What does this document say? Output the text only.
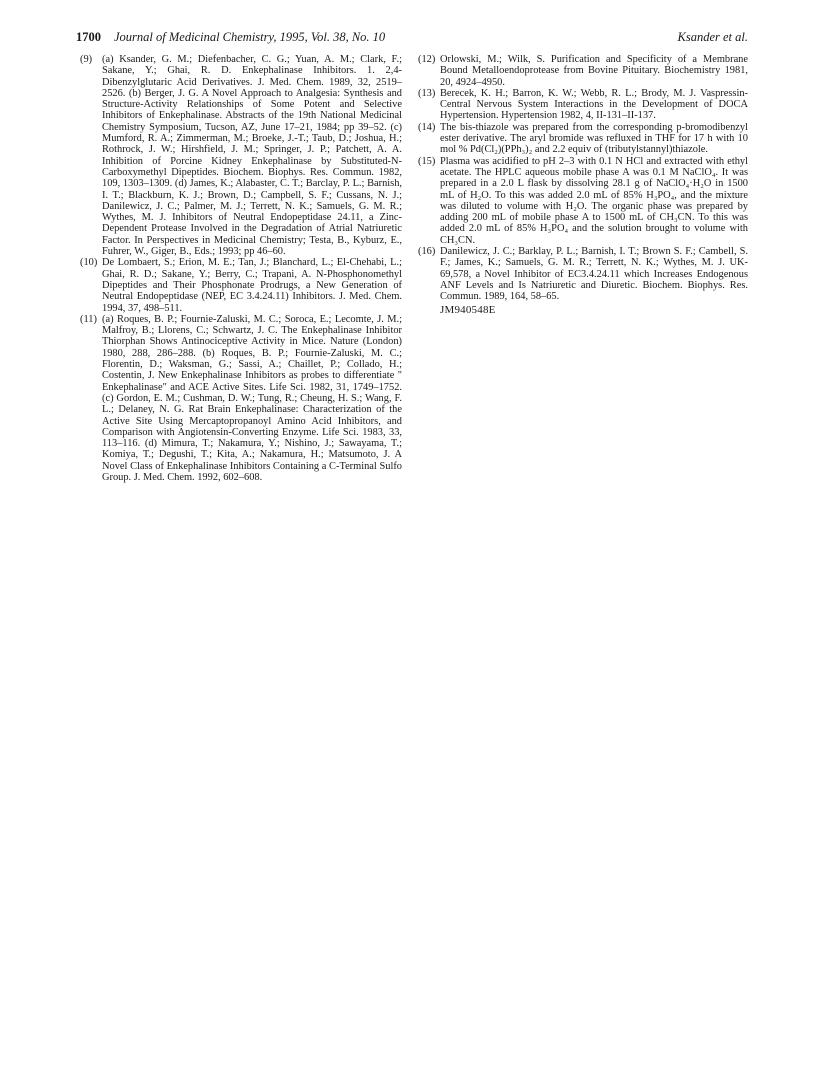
1700 Journal of Medicinal Chemistry, 1995, Vol. 38, No. 10	Ksander et al.

(9) (a) Ksander, G. M.; Diefenbacher, C. G.; Yuan, A. M.; Clark, F.; Sakane, Y.; Ghai, R. D. Enkephalinase Inhibitors. 1. 2,4-Dibenzylglutaric Acid Derivatives. J. Med. Chem. 1989, 32, 2519–2526. (b) Berger, J. G. A Novel Approach to Analgesia: Synthesis and Structure-Activity Relationships of Some Potent and Selective Inhibitors of Enkephalinase. Abstracts of the 19th National Medicinal Chemistry Symposium, Tucson, AZ, June 17–21, 1984; pp 39–52. (c) Mumford, R. A.; Zimmerman, M.; Broeke, J.-T.; Taub, D.; Joshua, H.; Rothrock, J. W.; Hirshfield, J. M.; Springer, J. P.; Patchett, A. A. Inhibition of Porcine Kidney Enkephalinase by Substituted-N-Carboxymethyl Dipeptides. Biochem. Biophys. Res. Commun. 1982, 109, 1303–1309. (d) James, K.; Alabaster, C. T.; Barclay, P. L.; Barnish, I. T.; Blackburn, K. J.; Brown, D.; Campbell, S. F.; Cussans, N. J.; Danilewicz, J. C.; Palmer, M. J.; Terrett, N. K.; Samuels, G. M. R.; Wythes, M. J. Inhibitors of Neutral Endopeptidase 24.11, a Zinc-Dependent Protease Involved in the Degradation of Atrial Natriuretic Factor. In Perspectives in Medicinal Chemistry; Testa, B., Kyburz, E., Fuhrer, W., Giger, B., Eds.; 1993; pp 46–60.

(10) De Lombaert, S.; Erion, M. E.; Tan, J.; Blanchard, L.; El-Chehabi, L.; Ghai, R. D.; Sakane, Y.; Berry, C.; Trapani, A. N-Phosphonomethyl Dipeptides and Their Phosphonate Prodrugs, a New Generation of Neutral Endopeptidase (NEP, EC 3.4.24.11) Inhibitors. J. Med. Chem. 1994, 37, 498–511.

(11) (a) Roques, B. P.; Fournie-Zaluski, M. C.; Soroca, E.; Lecomte, J. M.; Malfroy, B.; Llorens, C.; Schwartz, J. C. The Enkephalinase Inhibitor Thiorphan Shows Antinociceptive Activity in Mice. Nature (London) 1980, 288, 286–288. (b) Roques, B. P.; Fournie-Zaluski, M. C.; Florentin, D.; Waksman, G.; Sassi, A.; Chaillet, P.; Collado, H.; Costentin, J. New Enkephalinase Inhibitors as probes to differentiate " Enkephalinase" and ACE Active Sites. Life Sci. 1982, 31, 1749–1752. (c) Gordon, E. M.; Cushman, D. W.; Tung, R.; Cheung, H. S.; Wang, F. L.; Delaney, N. G. Rat Brain Enkephalinase: Characterization of the Active Site Using Mercaptopropanoyl Amino Acid Inhibitors, and Comparison with Angiotensin-Converting Enzyme. Life Sci. 1983, 33, 113–116. (d) Mimura, T.; Nakamura, Y.; Nishino, J.; Sawayama, T.; Komiya, T.; Degushi, T.; Kita, A.; Nakamura, H.; Matsumoto, J. A Novel Class of Enkephalinase Inhibitors Containing a C-Terminal Sulfo Group. J. Med. Chem. 1992, 602–608.

(12) Orlowski, M.; Wilk, S. Purification and Specificity of a Membrane Bound Metalloendoprotease from Bovine Pituitary. Biochemistry 1981, 20, 4924–4950.

(13) Berecek, K. H.; Barron, K. W.; Webb, R. L.; Brody, M. J. Vaspressin-Central Nervous System Interactions in the Development of DOCA Hypertension. Hypertension 1982, 4, II-131–II-137.

(14) The bis-thiazole was prepared from the corresponding p-bromodibenzyl ester derivative. The aryl bromide was refluxed in THF for 17 h with 10 mol % Pd(Cl₂)(PPh₃)₂ and 2.2 equiv of (tributylstannyl)thiazole.

(15) Plasma was acidified to pH 2–3 with 0.1 N HCl and extracted with ethyl acetate. The HPLC aqueous mobile phase A was 0.1 M NaClO₄. It was prepared in a 2.0 L flask by dissolving 28.1 g of NaClO₄·H₂O in 1500 mL of H₂O. To this was added 2.0 mL of 85% H₃PO₄, and the mixture was diluted to volume with H₂O. The organic phase was prepared by adding 200 mL of mobile phase A to 1500 mL of CH₃CN. To this was added 2.0 mL of 85% H₃PO₄ and the solution brought to volume with CH₃CN.

(16) Danilewicz, J. C.; Barklay, P. L.; Barnish, I. T.; Brown S. F.; Cambell, S. F.; James, K.; Samuels, G. M. R.; Terrett, N. K.; Wythes, M. J. UK-69,578, a Novel Inhibitor of EC3.4.24.11 which Increases Endogenous ANF Levels and Is Natriuretic and Diuretic. Biochem. Biophys. Res. Commun. 1989, 164, 58–65.

JM940548E
